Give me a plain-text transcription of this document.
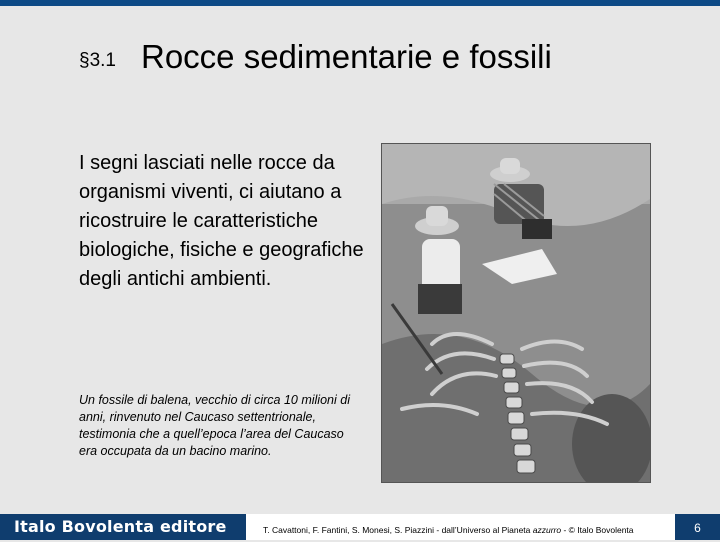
§3.1 Rocce sedimentarie e fossili
I segni lasciati nelle rocce da organismi viventi, ci aiutano a ricostruire le caratteristiche biologiche, fisiche e geografiche degli antichi ambienti.
Un fossile di balena, vecchio di circa 10 milioni di anni, rinvenuto nel Caucaso settentrionale, testimonia che a quell’epoca l’area del Caucaso era occupata da un bacino marino.
Italo Bovolenta editore	T. Cavattoni, F. Fantini, S. Monesi, S. Piazzini - dall’Universo al Pianeta azzurro - © Italo Bovolenta	6
